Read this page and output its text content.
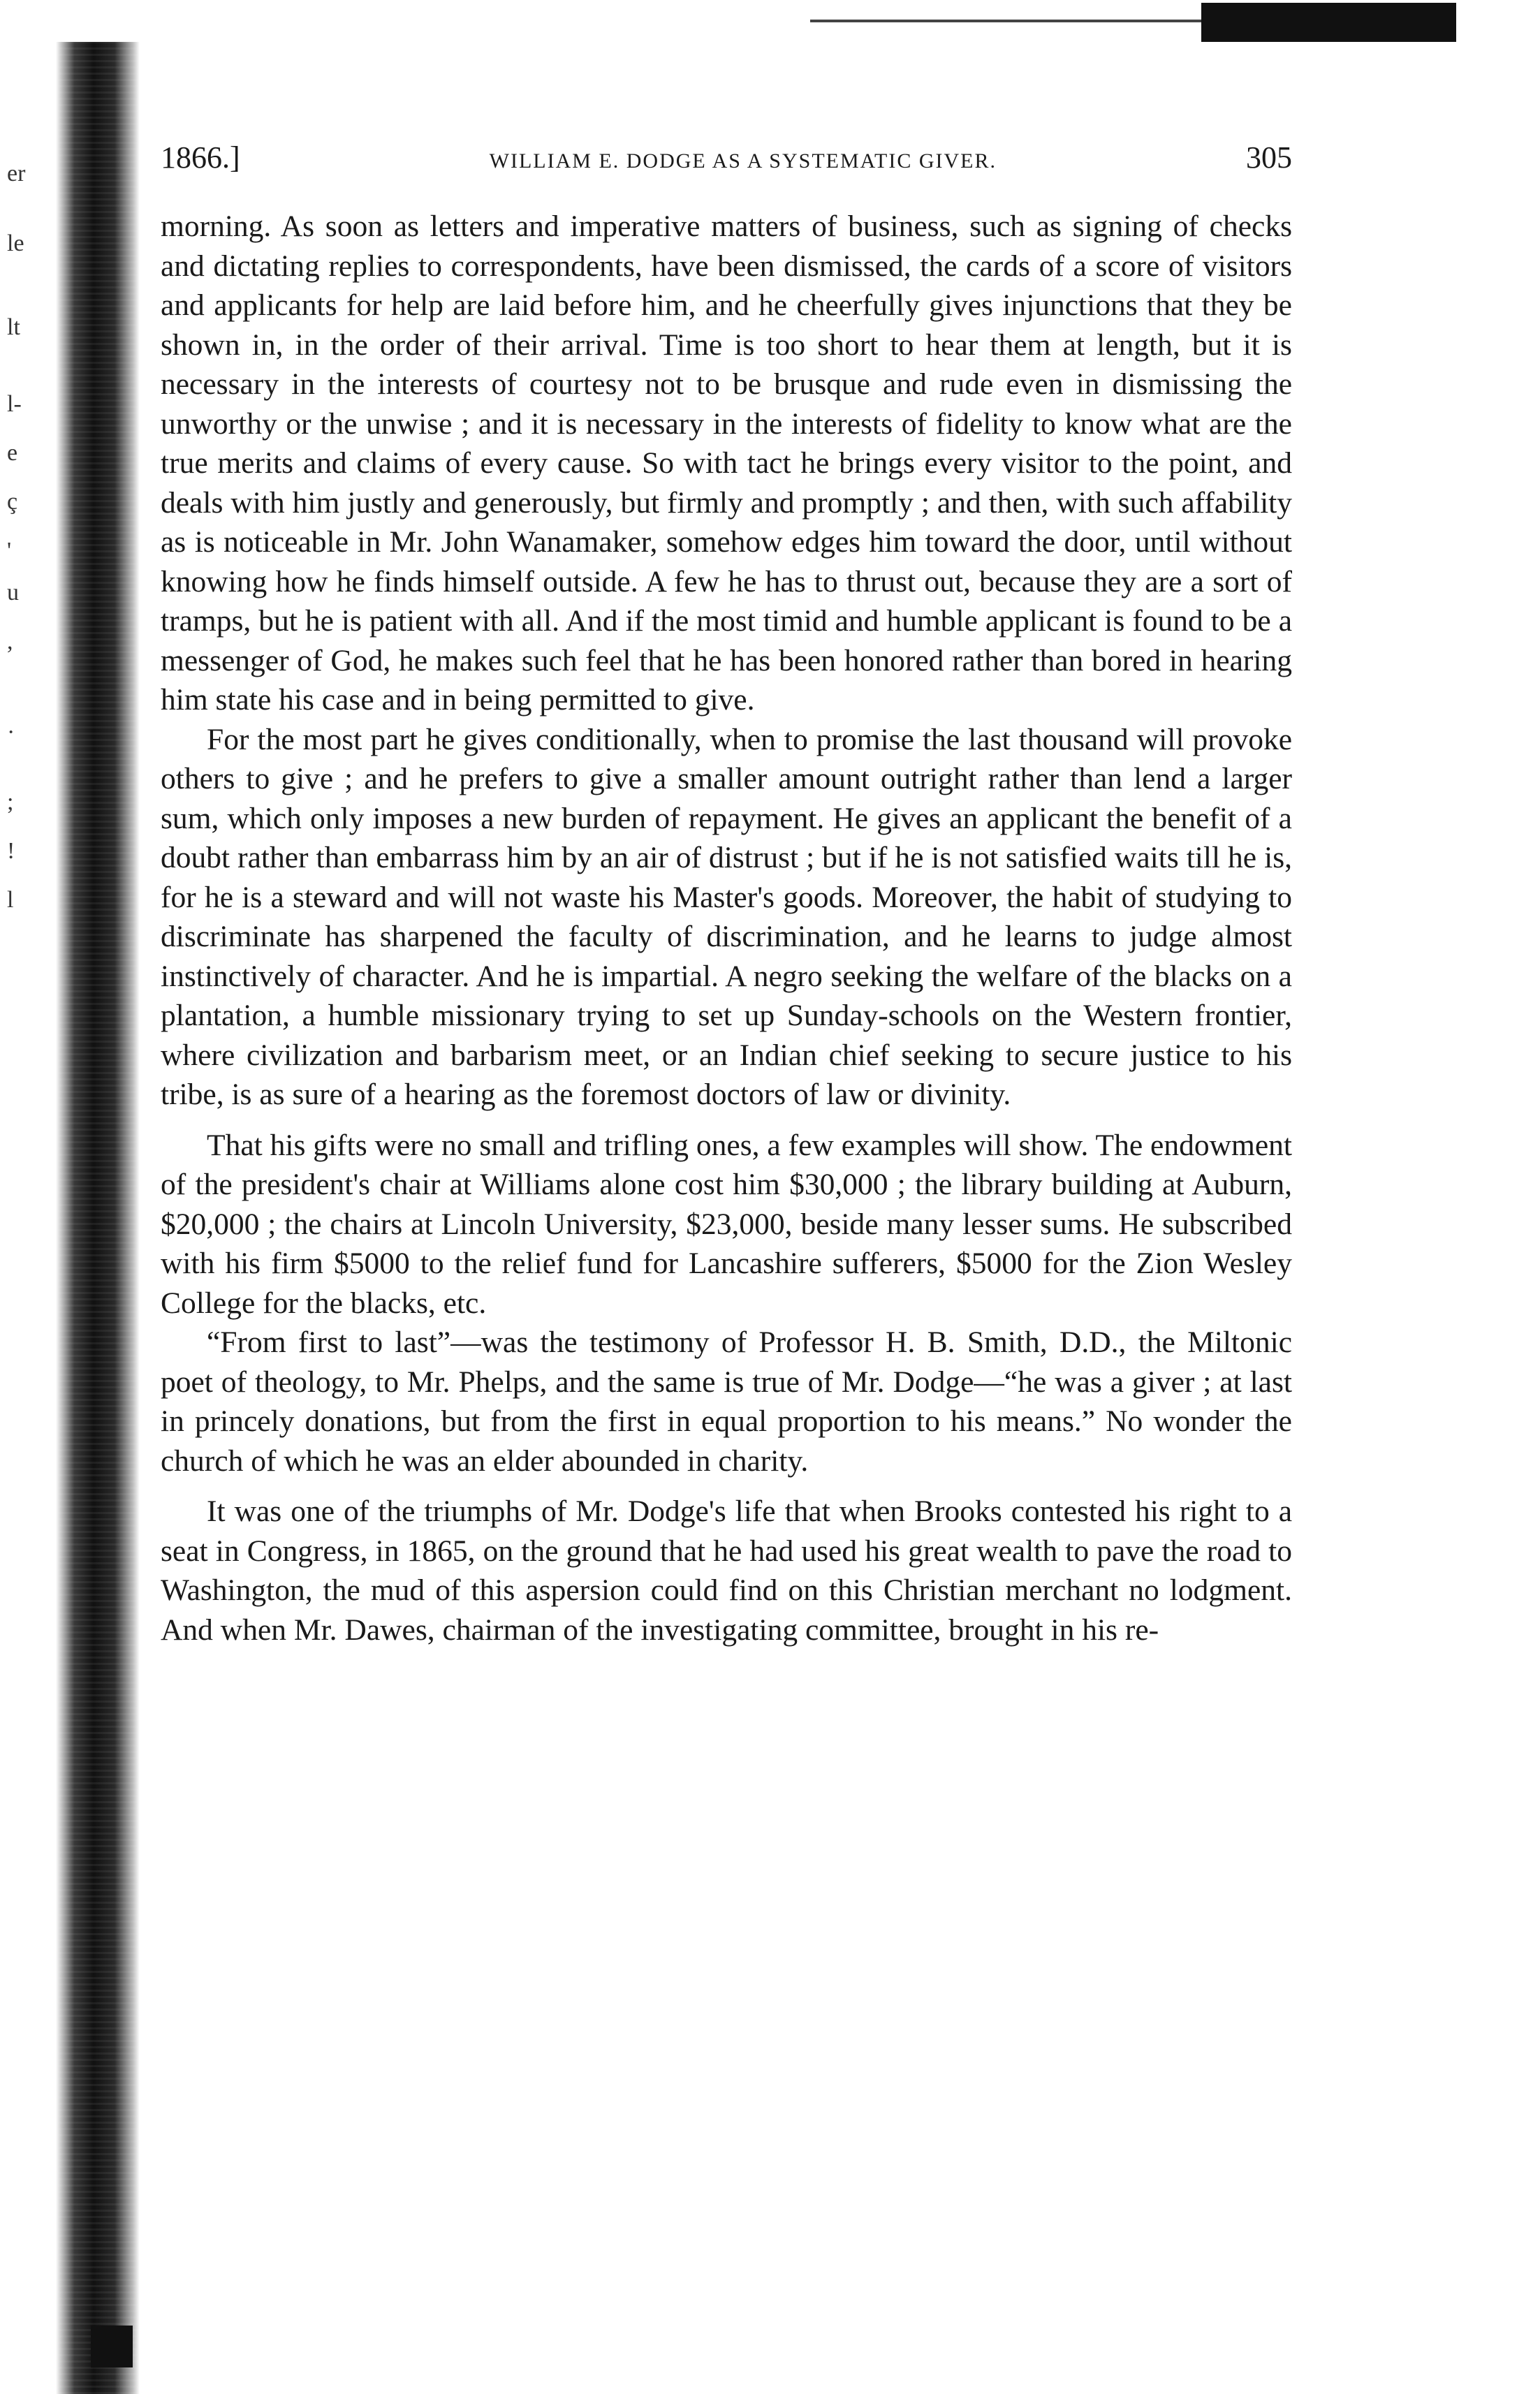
er
le
lt
l-
e
ç
'
u
,
·
;
!
l
1866.]	WILLIAM E. DODGE AS A SYSTEMATIC GIVER.	305

morning. As soon as letters and imperative matters of business, such as signing of checks and dictating replies to correspondents, have been dismissed, the cards of a score of visitors and applicants for help are laid before him, and he cheerfully gives injunctions that they be shown in, in the order of their arrival. Time is too short to hear them at length, but it is necessary in the interests of courtesy not to be brusque and rude even in dismissing the unworthy or the unwise ; and it is necessary in the interests of fidelity to know what are the true merits and claims of every cause. So with tact he brings every visitor to the point, and deals with him justly and generously, but firmly and promptly ; and then, with such affability as is noticeable in Mr. John Wanamaker, somehow edges him toward the door, until without knowing how he finds himself outside. A few he has to thrust out, because they are a sort of tramps, but he is patient with all. And if the most timid and humble applicant is found to be a messenger of God, he makes such feel that he has been honored rather than bored in hearing him state his case and in being permitted to give.

For the most part he gives conditionally, when to promise the last thousand will provoke others to give ; and he prefers to give a smaller amount outright rather than lend a larger sum, which only imposes a new burden of repayment. He gives an applicant the benefit of a doubt rather than embarrass him by an air of distrust ; but if he is not satisfied waits till he is, for he is a steward and will not waste his Master's goods. Moreover, the habit of studying to discriminate has sharpened the faculty of discrimination, and he learns to judge almost instinctively of character. And he is impartial. A negro seeking the welfare of the blacks on a plantation, a humble missionary trying to set up Sunday-schools on the Western frontier, where civilization and barbarism meet, or an Indian chief seeking to secure justice to his tribe, is as sure of a hearing as the foremost doctors of law or divinity.

That his gifts were no small and trifling ones, a few examples will show. The endowment of the president's chair at Williams alone cost him $30,000 ; the library building at Auburn, $20,000 ; the chairs at Lincoln University, $23,000, beside many lesser sums. He subscribed with his firm $5000 to the relief fund for Lancashire sufferers, $5000 for the Zion Wesley College for the blacks, etc.

“From first to last”—was the testimony of Professor H. B. Smith, D.D., the Miltonic poet of theology, to Mr. Phelps, and the same is true of Mr. Dodge—“he was a giver ; at last in princely donations, but from the first in equal proportion to his means.” No wonder the church of which he was an elder abounded in charity.

It was one of the triumphs of Mr. Dodge's life that when Brooks contested his right to a seat in Congress, in 1865, on the ground that he had used his great wealth to pave the road to Washington, the mud of this aspersion could find on this Christian merchant no lodgment. And when Mr. Dawes, chairman of the investigating committee, brought in his re-
